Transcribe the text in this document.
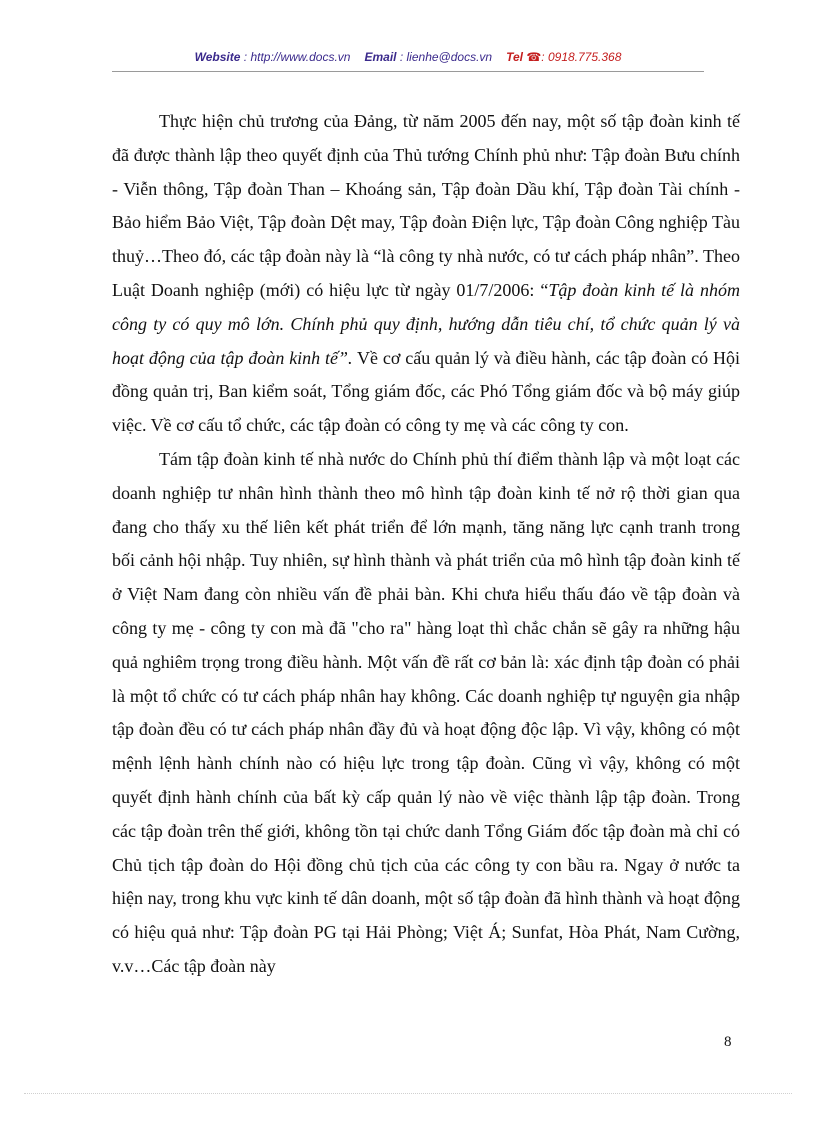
Website : http://www.docs.vn Email : lienhe@docs.vn Tel ☎: 0918.775.368

Thực hiện chủ trương của Đảng, từ năm 2005 đến nay, một số tập đoàn kinh tế đã được thành lập theo quyết định của Thủ tướng Chính phủ như: Tập đoàn Bưu chính - Viễn thông, Tập đoàn Than – Khoáng sản, Tập đoàn Dầu khí, Tập đoàn Tài chính - Bảo hiểm Bảo Việt, Tập đoàn Dệt may, Tập đoàn Điện lực, Tập đoàn Công nghiệp Tàu thuỷ…Theo đó, các tập đoàn này là “là công ty nhà nước, có tư cách pháp nhân”. Theo Luật Doanh nghiệp (mới) có hiệu lực từ ngày 01/7/2006: “Tập đoàn kinh tế là nhóm công ty có quy mô lớn. Chính phủ quy định, hướng dẫn tiêu chí, tổ chức quản lý và hoạt động của tập đoàn kinh tế”. Về cơ cấu quản lý và điều hành, các tập đoàn có Hội đồng quản trị, Ban kiểm soát, Tổng giám đốc, các Phó Tổng giám đốc và bộ máy giúp việc. Về cơ cấu tổ chức, các tập đoàn có công ty mẹ và các công ty con.

Tám tập đoàn kinh tế nhà nước do Chính phủ thí điểm thành lập và một loạt các doanh nghiệp tư nhân hình thành theo mô hình tập đoàn kinh tế nở rộ thời gian qua đang cho thấy xu thế liên kết phát triển để lớn mạnh, tăng năng lực cạnh tranh trong bối cảnh hội nhập. Tuy nhiên, sự hình thành và phát triển của mô hình tập đoàn kinh tế ở Việt Nam đang còn nhiều vấn đề phải bàn. Khi chưa hiểu thấu đáo về tập đoàn và công ty mẹ - công ty con mà đã "cho ra" hàng loạt thì chắc chắn sẽ gây ra những hậu quả nghiêm trọng trong điều hành. Một vấn đề rất cơ bản là: xác định tập đoàn có phải là một tổ chức có tư cách pháp nhân hay không. Các doanh nghiệp tự nguyện gia nhập tập đoàn đều có tư cách pháp nhân đầy đủ và hoạt động độc lập. Vì vậy, không có một mệnh lệnh hành chính nào có hiệu lực trong tập đoàn. Cũng vì vậy, không có một quyết định hành chính của bất kỳ cấp quản lý nào về việc thành lập tập đoàn. Trong các tập đoàn trên thế giới, không tồn tại chức danh Tổng Giám đốc tập đoàn mà chỉ có Chủ tịch tập đoàn do Hội đồng chủ tịch của các công ty con bầu ra. Ngay ở nước ta hiện nay, trong khu vực kinh tế dân doanh, một số tập đoàn đã hình thành và hoạt động có hiệu quả như: Tập đoàn PG tại Hải Phòng; Việt Á; Sunfat, Hòa Phát, Nam Cường, v.v…Các tập đoàn này

8
